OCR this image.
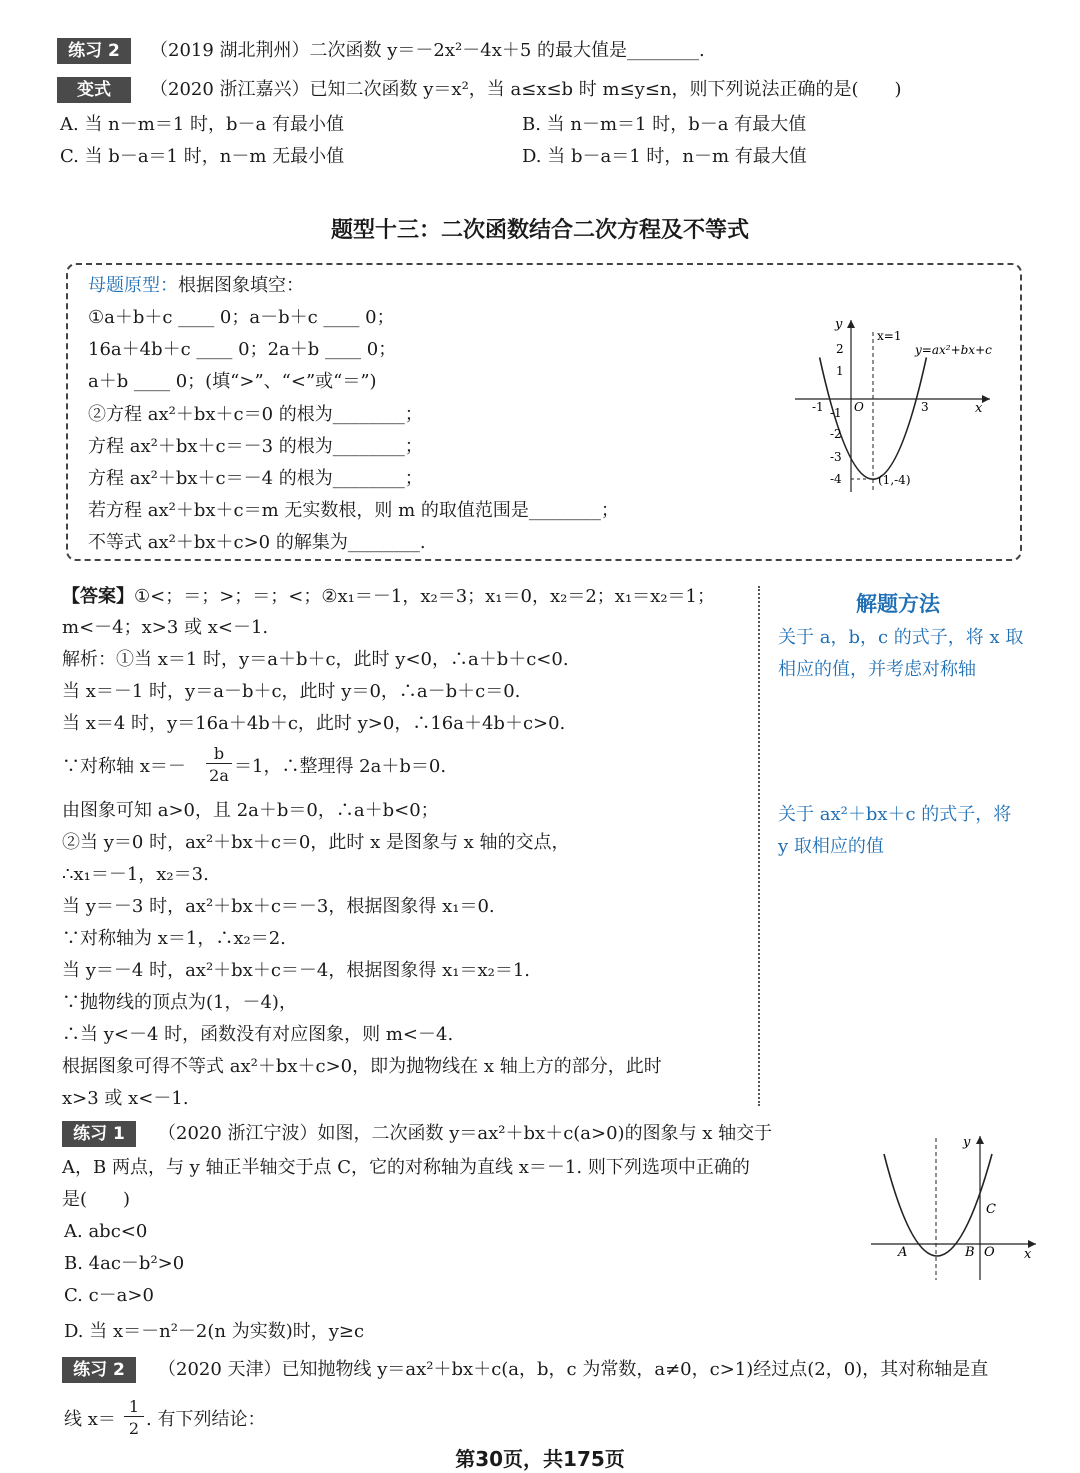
练习 2	（2019 湖北荆州）二次函数 y＝－2x²－4x＋5 的最大值是________.
变式	（2020 浙江嘉兴）已知二次函数 y＝x²，当 a≤x≤b 时 m≤y≤n，则下列说法正确的是(　　)
A. 当 n－m＝1 时，b－a 有最小值	B. 当 n－m＝1 时，b－a 有最大值
C. 当 b－a＝1 时，n－m 无最小值	D. 当 b－a＝1 时，n－m 有最大值
题型十三：二次函数结合二次方程及不等式
母题原型：根据图象填空：
①a＋b＋c ____ 0；a－b＋c ____ 0；
16a＋4b＋c ____ 0；2a＋b ____ 0；
a＋b ____ 0；(填“>”、“<”或“＝”)
②方程 ax²＋bx＋c＝0 的根为________；
方程 ax²＋bx＋c＝－3 的根为________；
方程 ax²＋bx＋c＝－4 的根为________；
若方程 ax²＋bx＋c＝m 无实数根，则 m 的取值范围是________；
不等式 ax²＋bx＋c>0 的解集为________.
x
y
O
x=1
y=ax²+bx+c
(1,-4)
-1	3
2
1
-1
-2
-3
-4
【答案】①<；＝；>；＝；<；②x₁＝－1，x₂＝3；x₁＝0，x₂＝2；x₁＝x₂＝1；
m<－4；x>3 或 x<－1.
解析：①当 x＝1 时，y＝a＋b＋c，此时 y<0，∴a＋b＋c<0.
当 x＝－1 时，y＝a－b＋c，此时 y＝0，∴a－b＋c＝0.
当 x＝4 时，y＝16a＋4b＋c，此时 y>0，∴16a＋4b＋c>0.
∵对称轴 x＝－
b
2a ＝1，∴整理得 2a＋b＝0.
由图象可知 a>0，且 2a＋b＝0，∴a＋b<0；
②当 y＝0 时，ax²＋bx＋c＝0，此时 x 是图象与 x 轴的交点，
∴x₁＝－1，x₂＝3.
当 y＝－3 时，ax²＋bx＋c＝－3，根据图象得 x₁＝0.
∵对称轴为 x＝1，∴x₂＝2.
当 y＝－4 时，ax²＋bx＋c＝－4，根据图象得 x₁＝x₂＝1.
∵抛物线的顶点为(1，－4)，
∴当 y<－4 时，函数没有对应图象，则 m<－4.
根据图象可得不等式 ax²＋bx＋c>0，即为抛物线在 x 轴上方的部分，此时
x>3 或 x<－1.
解题方法
关于 a，b，c 的式子，将 x 取
相应的值，并考虑对称轴
关于 ax²＋bx＋c 的式子，将
y 取相应的值
练习 1	（2020 浙江宁波）如图，二次函数 y＝ax²＋bx＋c(a>0)的图象与 x 轴交于
A，B 两点，与 y 轴正半轴交于点 C，它的对称轴为直线 x＝－1. 则下列选项中正确的
是(　　)
A. abc<0
B. 4ac－b²>0
C. c－a>0
D. 当 x＝－n²－2(n 为实数)时，y≥c
y
x
A	B O
C
练习 2	（2020 天津）已知抛物线 y＝ax²＋bx＋c(a，b，c 为常数，a≠0，c>1)经过点(2，0)，其对称轴是直
线 x＝
1
2 . 有下列结论：
第30页，共175页
